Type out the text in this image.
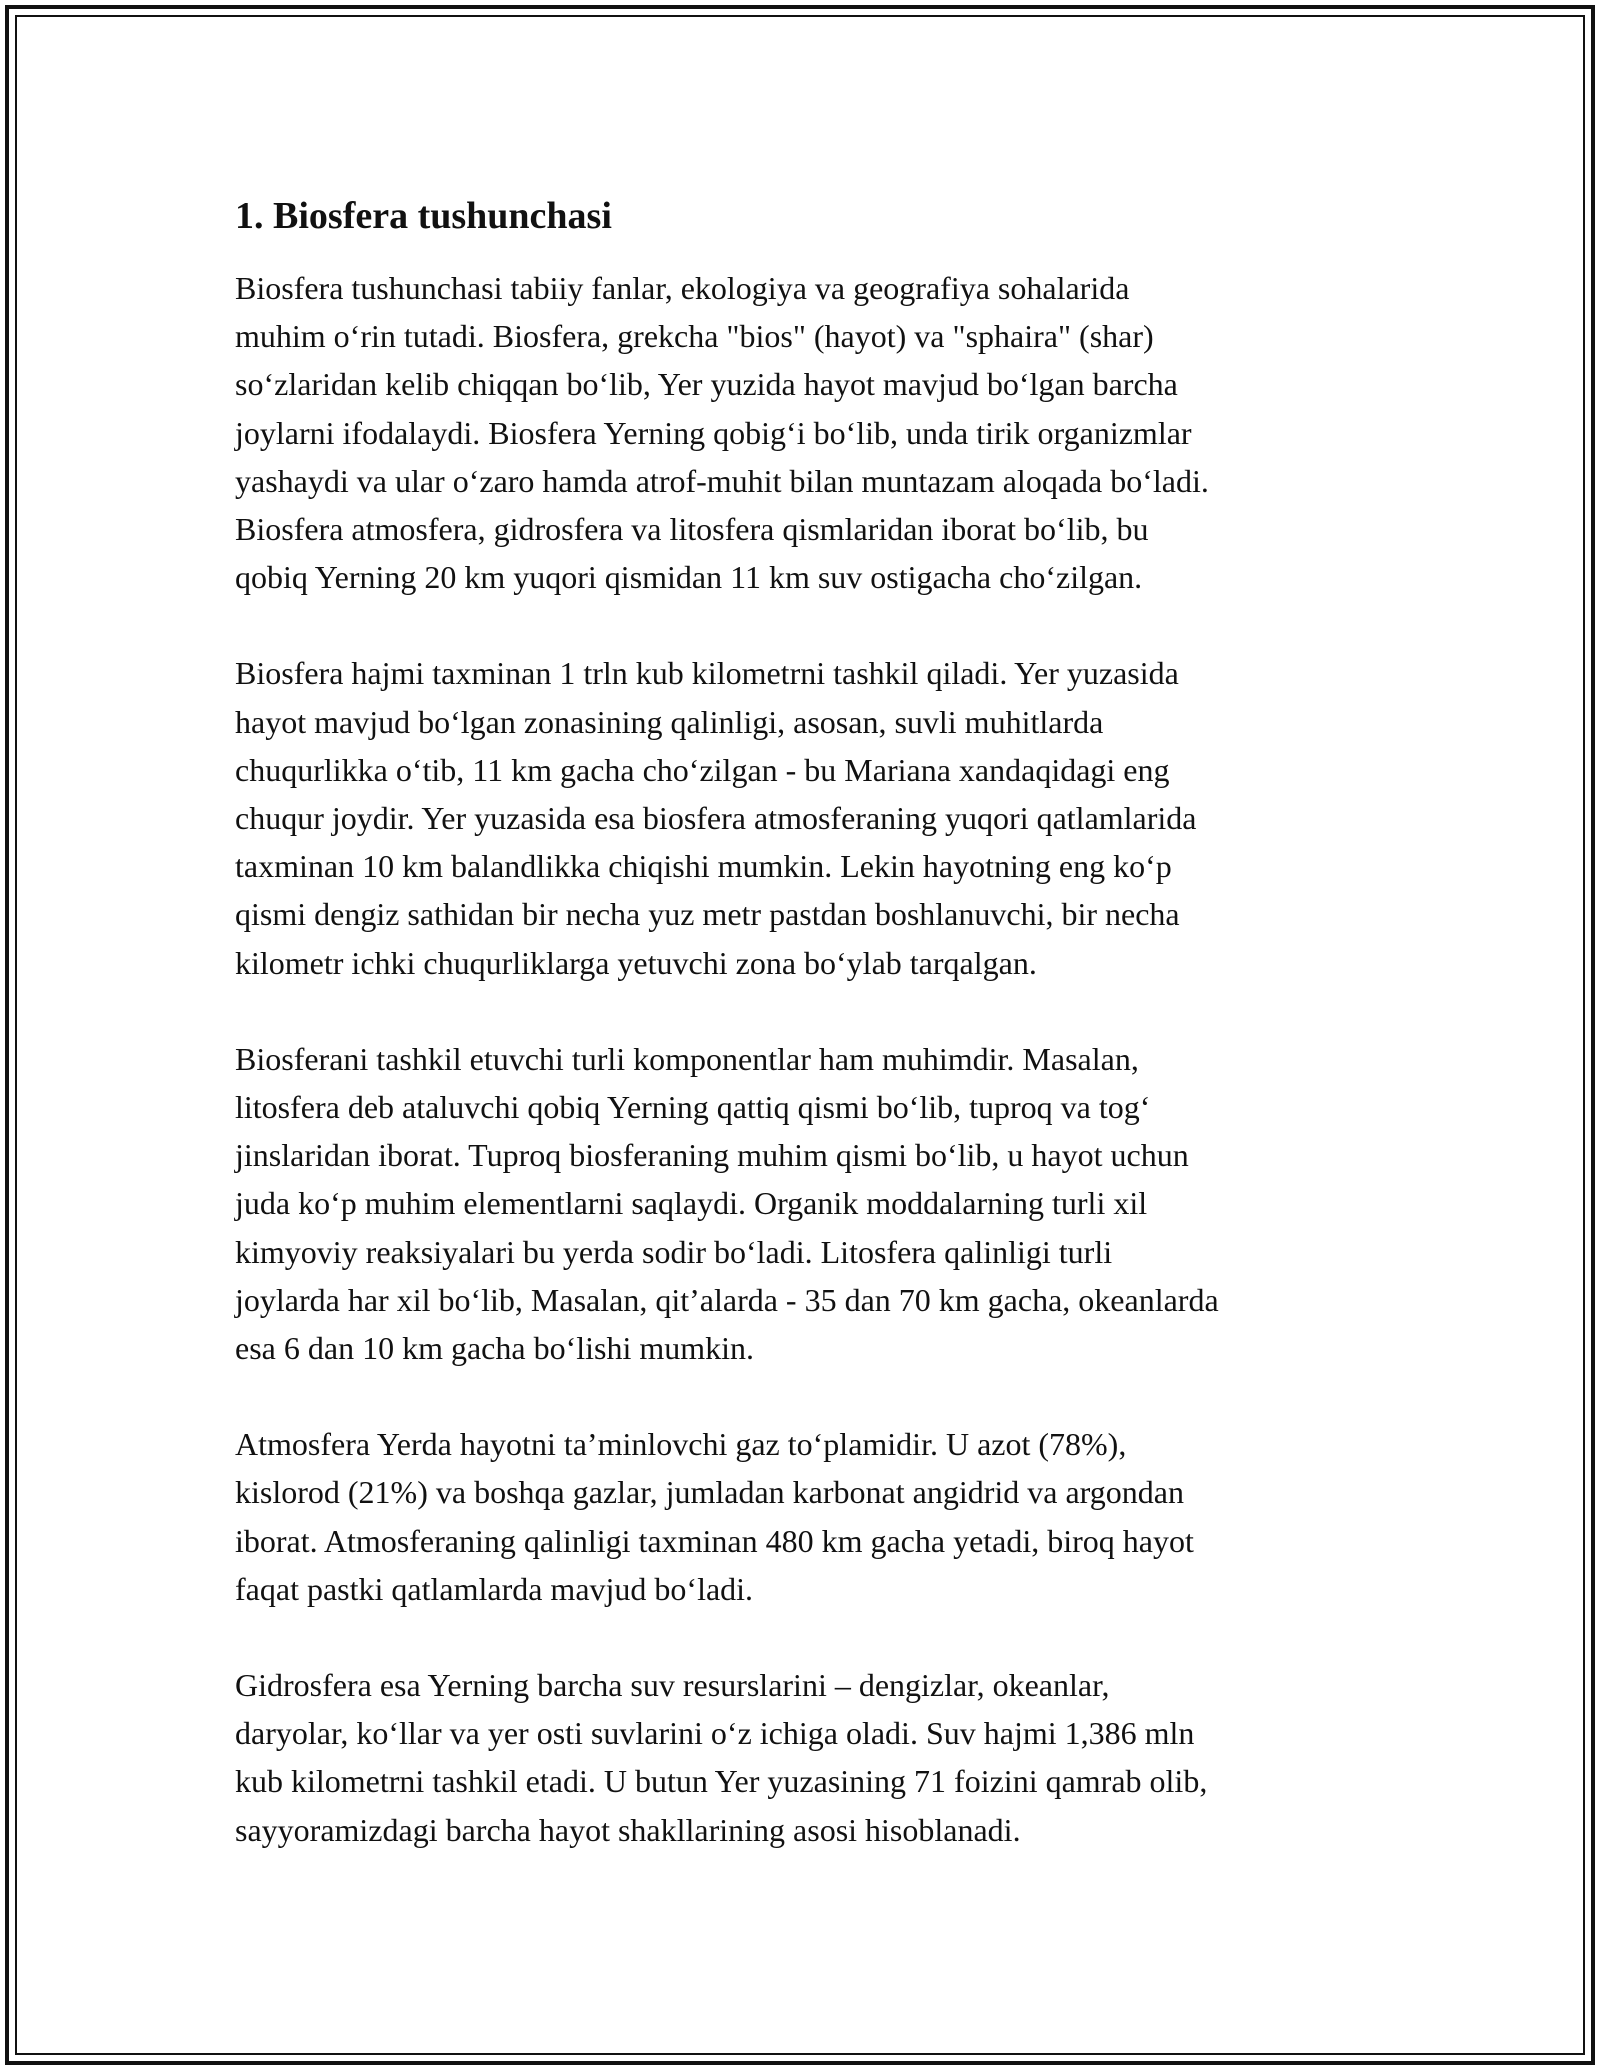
1. Biosfera tushunchasi

Biosfera tushunchasi tabiiy fanlar, ekologiya va geografiya sohalarida
muhim o‘rin tutadi. Biosfera, grekcha "bios" (hayot) va "sphaira" (shar)
so‘zlaridan kelib chiqqan bo‘lib, Yer yuzida hayot mavjud bo‘lgan barcha
joylarni ifodalaydi. Biosfera Yerning qobig‘i bo‘lib, unda tirik organizmlar
yashaydi va ular o‘zaro hamda atrof-muhit bilan muntazam aloqada bo‘ladi.
Biosfera atmosfera, gidrosfera va litosfera qismlaridan iborat bo‘lib, bu
qobiq Yerning 20 km yuqori qismidan 11 km suv ostigacha cho‘zilgan.

Biosfera hajmi taxminan 1 trln kub kilometrni tashkil qiladi. Yer yuzasida
hayot mavjud bo‘lgan zonasining qalinligi, asosan, suvli muhitlarda
chuqurlikka o‘tib, 11 km gacha cho‘zilgan - bu Mariana xandaqidagi eng
chuqur joydir. Yer yuzasida esa biosfera atmosferaning yuqori qatlamlarida
taxminan 10 km balandlikka chiqishi mumkin. Lekin hayotning eng ko‘p
qismi dengiz sathidan bir necha yuz metr pastdan boshlanuvchi, bir necha
kilometr ichki chuqurliklarga yetuvchi zona bo‘ylab tarqalgan.

Biosferani tashkil etuvchi turli komponentlar ham muhimdir. Masalan,
litosfera deb ataluvchi qobiq Yerning qattiq qismi bo‘lib, tuproq va tog‘
jinslaridan iborat. Tuproq biosferaning muhim qismi bo‘lib, u hayot uchun
juda ko‘p muhim elementlarni saqlaydi. Organik moddalarning turli xil
kimyoviy reaksiyalari bu yerda sodir bo‘ladi. Litosfera qalinligi turli
joylarda har xil bo‘lib, Masalan, qit’alarda - 35 dan 70 km gacha, okeanlarda
esa 6 dan 10 km gacha bo‘lishi mumkin.

Atmosfera Yerda hayotni ta’minlovchi gaz to‘plamidir. U azot (78%),
kislorod (21%) va boshqa gazlar, jumladan karbonat angidrid va argondan
iborat. Atmosferaning qalinligi taxminan 480 km gacha yetadi, biroq hayot
faqat pastki qatlamlarda mavjud bo‘ladi.

Gidrosfera esa Yerning barcha suv resurslarini – dengizlar, okeanlar,
daryolar, ko‘llar va yer osti suvlarini o‘z ichiga oladi. Suv hajmi 1,386 mln
kub kilometrni tashkil etadi. U butun Yer yuzasining 71 foizini qamrab olib,
sayyoramizdagi barcha hayot shakllarining asosi hisoblanadi.
